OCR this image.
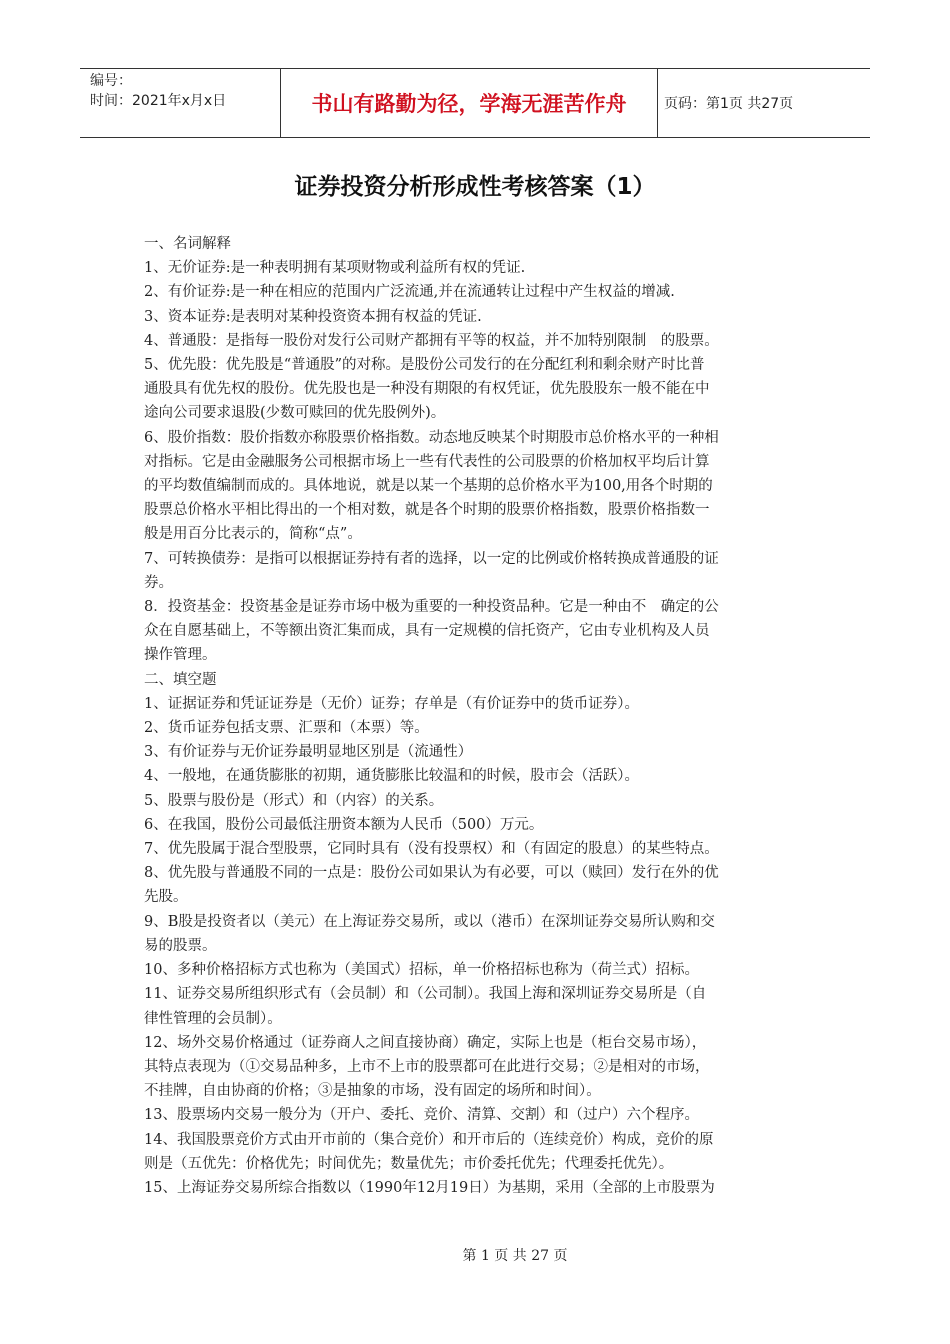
编号：
时间：2021年x月x日	书山有路勤为径，学海无涯苦作舟	页码：第1页 共27页
证券投资分析形成性考核答案（1）

一、名词解释

1、无价证券:是一种表明拥有某项财物或利益所有权的凭证.

2、有价证券:是一种在相应的范围内广泛流通,并在流通转让过程中产生权益的增减.

3、资本证券:是表明对某种投资资本拥有权益的凭证.

4、普通股：是指每一股份对发行公司财产都拥有平等的权益，并不加特别限制　的股票。

5、优先股：优先股是“普通股”的对称。是股份公司发行的在分配红利和剩余财产时比普

通股具有优先权的股份。优先股也是一种没有期限的有权凭证，优先股股东一般不能在中

途向公司要求退股(少数可赎回的优先股例外)。

6、股价指数：股价指数亦称股票价格指数。动态地反映某个时期股市总价格水平的一种相

对指标。它是由金融服务公司根据市场上一些有代表性的公司股票的价格加权平均后计算

的平均数值编制而成的。具体地说，就是以某一个基期的总价格水平为100,用各个时期的

股票总价格水平相比得出的一个相对数，就是各个时期的股票价格指数，股票价格指数一

般是用百分比表示的，简称“点”。

7、可转换债券：是指可以根据证券持有者的选择，以一定的比例或价格转换成普通股的证

券。

8．投资基金：投资基金是证券市场中极为重要的一种投资品种。它是一种由不　确定的公

众在自愿基础上，不等额出资汇集而成，具有一定规模的信托资产，它由专业机构及人员

操作管理。

二、填空题

1、证据证券和凭证证券是（无价）证券；存单是（有价证券中的货币证券）。

2、货币证券包括支票、汇票和（本票）等。

3、有价证券与无价证券最明显地区别是（流通性）

4、一般地，在通货膨胀的初期，通货膨胀比较温和的时候，股市会（活跃）。

5、股票与股份是（形式）和（内容）的关系。

6、在我国，股份公司最低注册资本额为人民币（500）万元。

7、优先股属于混合型股票，它同时具有（没有投票权）和（有固定的股息）的某些特点。

8、优先股与普通股不同的一点是：股份公司如果认为有必要，可以（赎回）发行在外的优

先股。

9、B股是投资者以（美元）在上海证券交易所，或以（港币）在深圳证券交易所认购和交

易的股票。

10、多种价格招标方式也称为（美国式）招标，单一价格招标也称为（荷兰式）招标。

11、证券交易所组织形式有（会员制）和（公司制）。我国上海和深圳证券交易所是（自

律性管理的会员制）。

12、场外交易价格通过（证券商人之间直接协商）确定，实际上也是（柜台交易市场），

其特点表现为（①交易品种多，上市不上市的股票都可在此进行交易；②是相对的市场，

不挂牌，自由协商的价格；③是抽象的市场，没有固定的场所和时间）。

13、股票场内交易一般分为（开户、委托、竞价、清算、交割）和（过户）六个程序。

14、我国股票竞价方式由开市前的（集合竞价）和开市后的（连续竞价）构成，竞价的原

则是（五优先：价格优先；时间优先；数量优先；市价委托优先；代理委托优先）。

15、上海证券交易所综合指数以（1990年12月19日）为基期，采用（全部的上市股票为

第 1 页 共 27 页
